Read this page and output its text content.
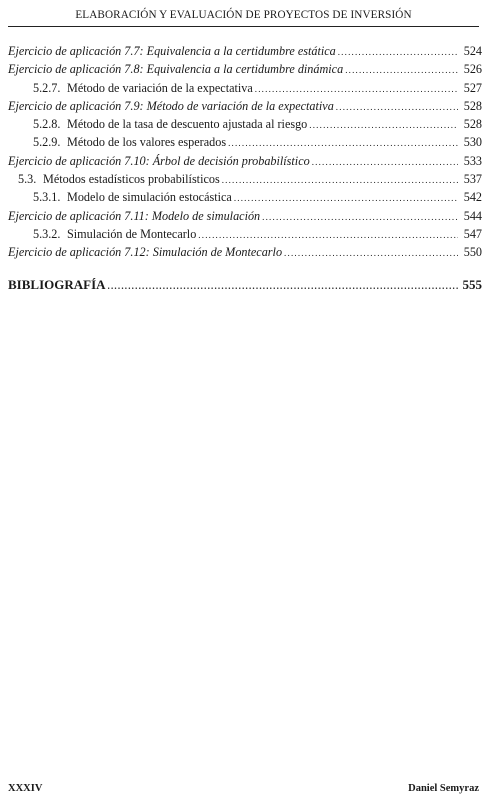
ELABORACIÓN Y EVALUACIÓN DE PROYECTOS DE INVERSIÓN
Ejercicio de aplicación 7.7: Equivalencia a la certidumbre estática .....	524
Ejercicio de aplicación 7.8: Equivalencia a la certidumbre dinámica .....	526
5.2.7. Método de variación de la expectativa .....	527
Ejercicio de aplicación 7.9: Método de variación de la expectativa .....	528
5.2.8. Método de la tasa de descuento ajustada al riesgo .....	528
5.2.9. Método de los valores esperados .....	530
Ejercicio de aplicación 7.10: Árbol de decisión probabilístico .....	533
5.3. Métodos estadísticos probabilísticos .....	537
5.3.1. Modelo de simulación estocástica .....	542
Ejercicio de aplicación 7.11: Modelo de simulación .....	544
5.3.2. Simulación de Montecarlo .....	547
Ejercicio de aplicación 7.12: Simulación de Montecarlo .....	550
BIBLIOGRAFÍA .....	555
XXXIV	Daniel Semyraz
